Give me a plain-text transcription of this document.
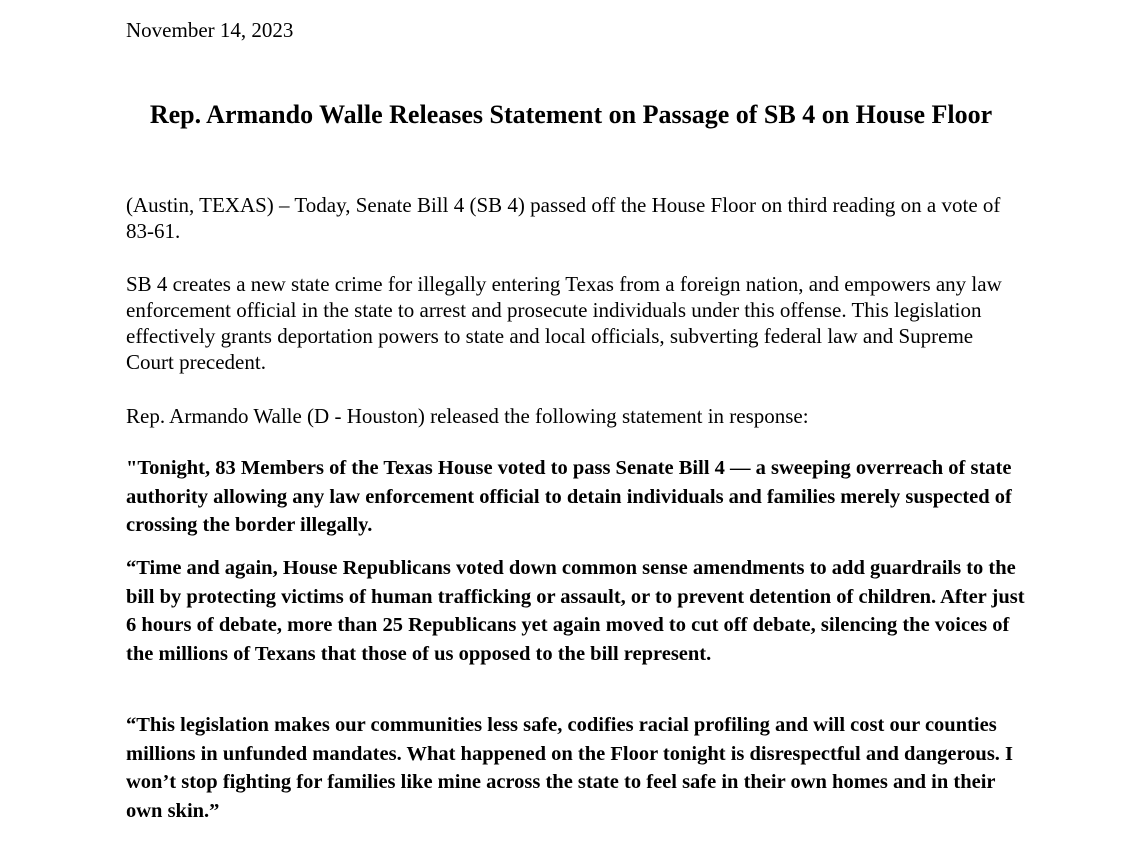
November 14, 2023
Rep. Armando Walle Releases Statement on Passage of SB 4 on House Floor

(Austin, TEXAS) – Today, Senate Bill 4 (SB 4) passed off the House Floor on third reading on a vote of 83-61.

SB 4 creates a new state crime for illegally entering Texas from a foreign nation, and empowers any law enforcement official in the state to arrest and prosecute individuals under this offense. This legislation effectively grants deportation powers to state and local officials, subverting federal law and Supreme Court precedent.

Rep. Armando Walle (D - Houston) released the following statement in response:

"Tonight, 83 Members of the Texas House voted to pass Senate Bill 4 — a sweeping overreach of state authority allowing any law enforcement official to detain individuals and families merely suspected of crossing the border illegally.

“Time and again, House Republicans voted down common sense amendments to add guardrails to the bill by protecting victims of human trafficking or assault, or to prevent detention of children. After just 6 hours of debate, more than 25 Republicans yet again moved to cut off debate, silencing the voices of the millions of Texans that those of us opposed to the bill represent.

“This legislation makes our communities less safe, codifies racial profiling and will cost our counties millions in unfunded mandates. What happened on the Floor tonight is disrespectful and dangerous. I won’t stop fighting for families like mine across the state to feel safe in their own homes and in their own skin.”
